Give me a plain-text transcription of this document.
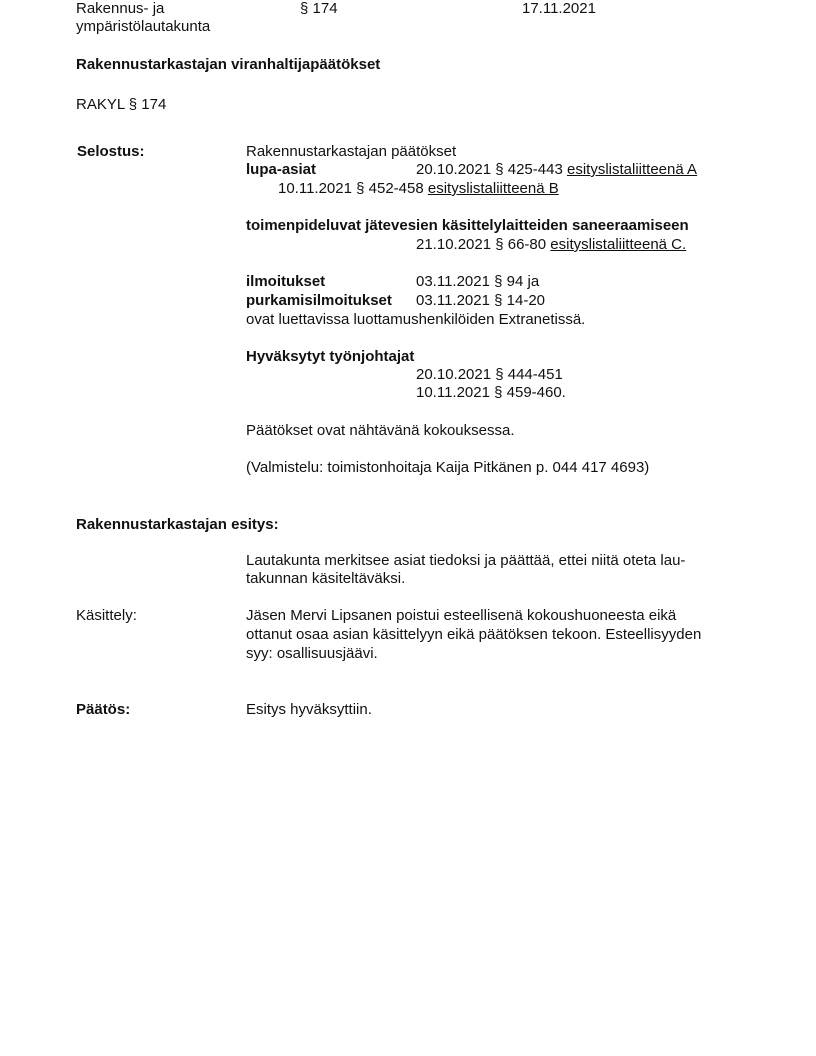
Rakennus- ja
ympäristölautakunta
§ 174	17.11.2021
Rakennustarkastajan viranhaltijapäätökset
RAKYL § 174
Selostus:	Rakennustarkastajan päätökset
lupa-asiat	20.10.2021 § 425-443 esityslistaliitteenä A
10.11.2021 § 452-458 esityslistaliitteenä B
toimenpideluvat jätevesien käsittelylaitteiden saneeraamiseen
21.10.2021 § 66-80 esityslistaliitteenä C.
ilmoitukset	03.11.2021 § 94 ja
purkamisilmoitukset 03.11.2021 § 14-20
ovat luettavissa luottamushenkilöiden Extranetissä.
Hyväksytyt työnjohtajat
20.10.2021 § 444-451
10.11.2021 § 459-460.
Päätökset ovat nähtävänä kokouksessa.
(Valmistelu: toimistonhoitaja Kaija Pitkänen p. 044 417 4693)
Rakennustarkastajan esitys:
Lautakunta merkitsee asiat tiedoksi ja päättää, ettei niitä oteta lau-
takunnan käsiteltäväksi.
Käsittely:	Jäsen Mervi Lipsanen poistui esteellisenä kokoushuoneesta eikä
ottanut osaa asian käsittelyyn eikä päätöksen tekoon. Esteellisyyden
syy: osallisuusjäävi.
Päätös:	Esitys hyväksyttiin.
